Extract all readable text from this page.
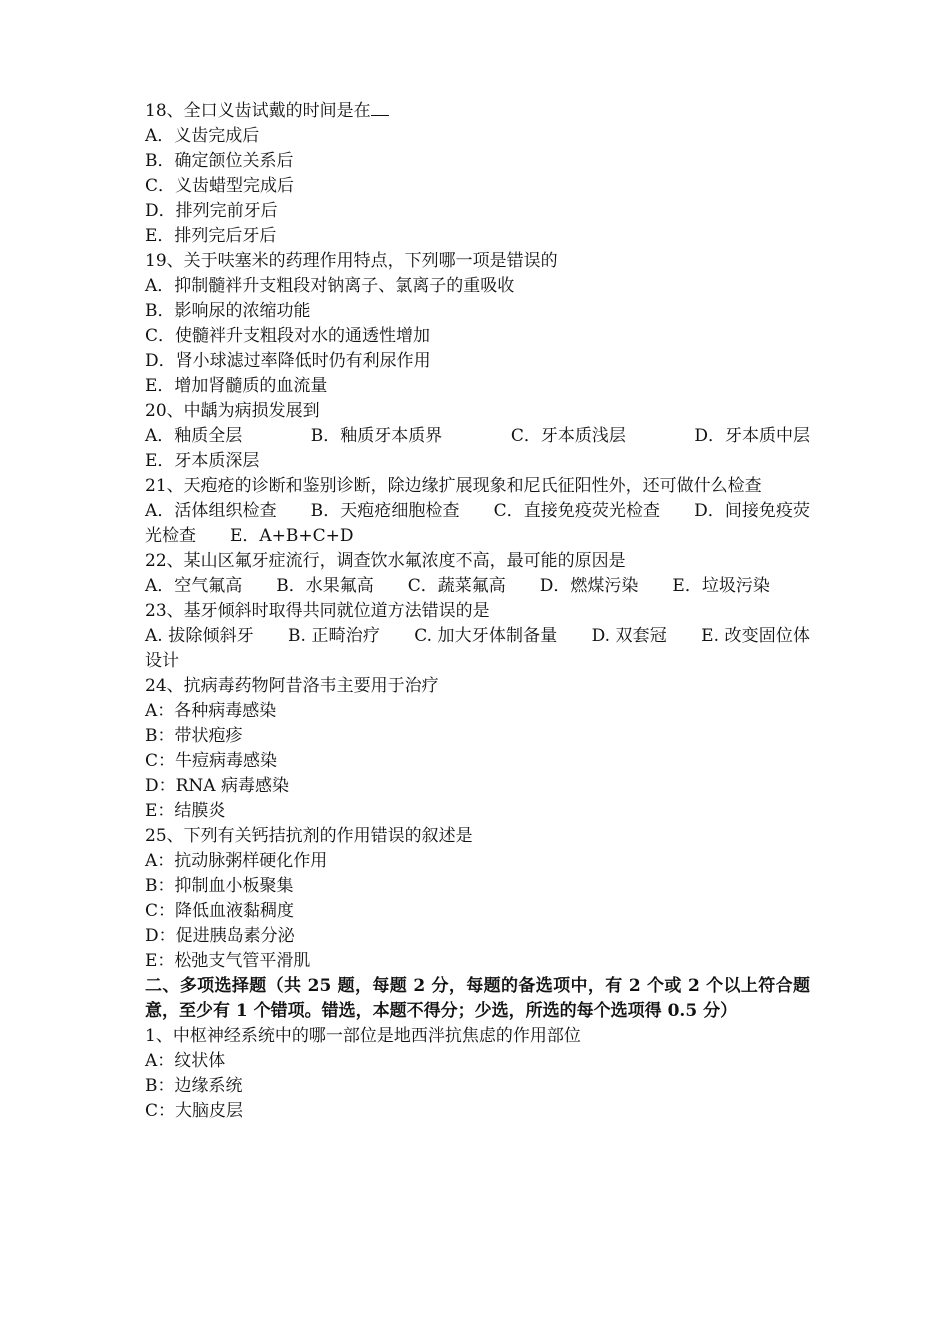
18、全口义齿试戴的时间是在
A．义齿完成后
B．确定颌位关系后
C．义齿蜡型完成后
D．排列完前牙后
E．排列完后牙后
19、关于呋塞米的药理作用特点，下列哪一项是错误的
A．抑制髓袢升支粗段对钠离子、氯离子的重吸收
B．影响尿的浓缩功能
C．使髓袢升支粗段对水的通透性增加
D．肾小球滤过率降低时仍有利尿作用
E．增加肾髓质的血流量
20、中龋为病损发展到
A．釉质全层	B．釉质牙本质界	C．牙本质浅层	D．牙本质中层
E．牙本质深层
21、天疱疮的诊断和鉴别诊断，除边缘扩展现象和尼氏征阳性外，还可做什么检查
A．活体组织检查　　B．天疱疮细胞检查　　C．直接免疫荧光检查　　D．间接免疫荧光检查　　E．A+B+C+D
22、某山区氟牙症流行，调查饮水氟浓度不高，最可能的原因是
A．空气氟高　　B．水果氟高　　C．蔬菜氟高　　D．燃煤污染　　E．垃圾污染
23、基牙倾斜时取得共同就位道方法错误的是
A. 拔除倾斜牙　　B. 正畸治疗　　C. 加大牙体制备量　　D. 双套冠　　E. 改变固位体设计
24、抗病毒药物阿昔洛韦主要用于治疗
A：各种病毒感染
B：带状疱疹
C：牛痘病毒感染
D：RNA 病毒感染
E：结膜炎
25、下列有关钙拮抗剂的作用错误的叙述是
A：抗动脉粥样硬化作用
B：抑制血小板聚集
C：降低血液黏稠度
D：促进胰岛素分泌
E：松弛支气管平滑肌
二、多项选择题（共 25 题，每题 2 分，每题的备选项中，有 2 个或 2 个以上符合题意，至少有 1 个错项。错选，本题不得分；少选，所选的每个选项得 0.5 分）
1、中枢神经系统中的哪一部位是地西泮抗焦虑的作用部位
A：纹状体
B：边缘系统
C：大脑皮层
